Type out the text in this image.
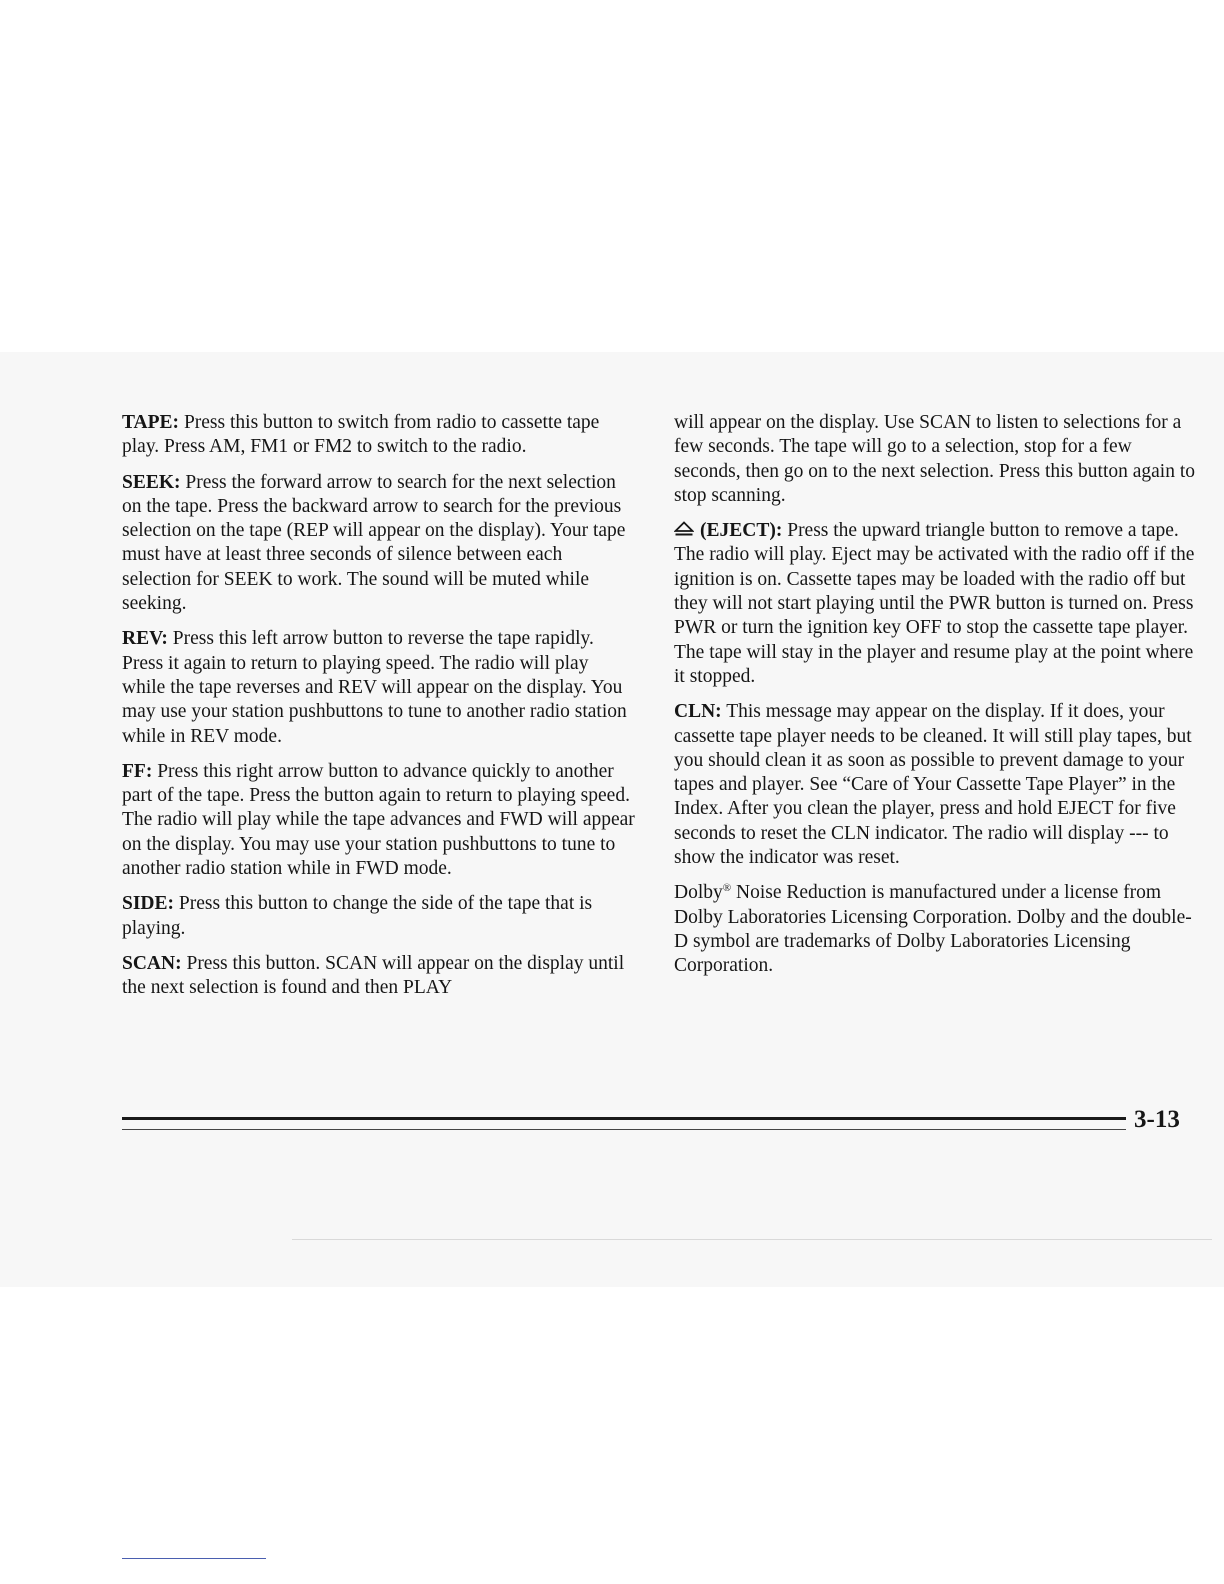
TAPE: Press this button to switch from radio to cassette tape play. Press AM, FM1 or FM2 to switch to the radio.

SEEK: Press the forward arrow to search for the next selection on the tape. Press the backward arrow to search for the previous selection on the tape (REP will appear on the display). Your tape must have at least three seconds of silence between each selection for SEEK to work. The sound will be muted while seeking.

REV: Press this left arrow button to reverse the tape rapidly. Press it again to return to playing speed. The radio will play while the tape reverses and REV will appear on the display. You may use your station pushbuttons to tune to another radio station while in REV mode.

FF: Press this right arrow button to advance quickly to another part of the tape. Press the button again to return to playing speed. The radio will play while the tape advances and FWD will appear on the display. You may use your station pushbuttons to tune to another radio station while in FWD mode.

SIDE: Press this button to change the side of the tape that is playing.

SCAN: Press this button. SCAN will appear on the display until the next selection is found and then PLAY

will appear on the display. Use SCAN to listen to selections for a few seconds. The tape will go to a selection, stop for a few seconds, then go on to the next selection. Press this button again to stop scanning.

(EJECT): Press the upward triangle button to remove a tape. The radio will play. Eject may be activated with the radio off if the ignition is on. Cassette tapes may be loaded with the radio off but they will not start playing until the PWR button is turned on. Press PWR or turn the ignition key OFF to stop the cassette tape player. The tape will stay in the player and resume play at the point where it stopped.

CLN: This message may appear on the display. If it does, your cassette tape player needs to be cleaned. It will still play tapes, but you should clean it as soon as possible to prevent damage to your tapes and player. See “Care of Your Cassette Tape Player” in the Index. After you clean the player, press and hold EJECT for five seconds to reset the CLN indicator. The radio will display --- to show the indicator was reset.

Dolby® Noise Reduction is manufactured under a license from Dolby Laboratories Licensing Corporation. Dolby and the double-D symbol are trademarks of Dolby Laboratories Licensing Corporation.

3-13
